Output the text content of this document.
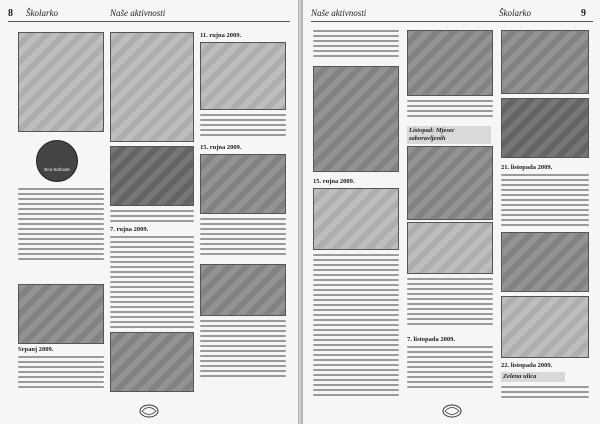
8 Školarko	Naše aktivnosti
Eco-Schools
Srpanj 2009.
7. rujna 2009.
11. rujna 2009.
15. rujna 2009.
Naše aktivnosti	Školarko	9
15. rujna 2009.
Listopad: Mjesec zaboravljenih
7. listopada 2009.
21. listopada 2009.
22. listopada 2009.
Zelena ulica
